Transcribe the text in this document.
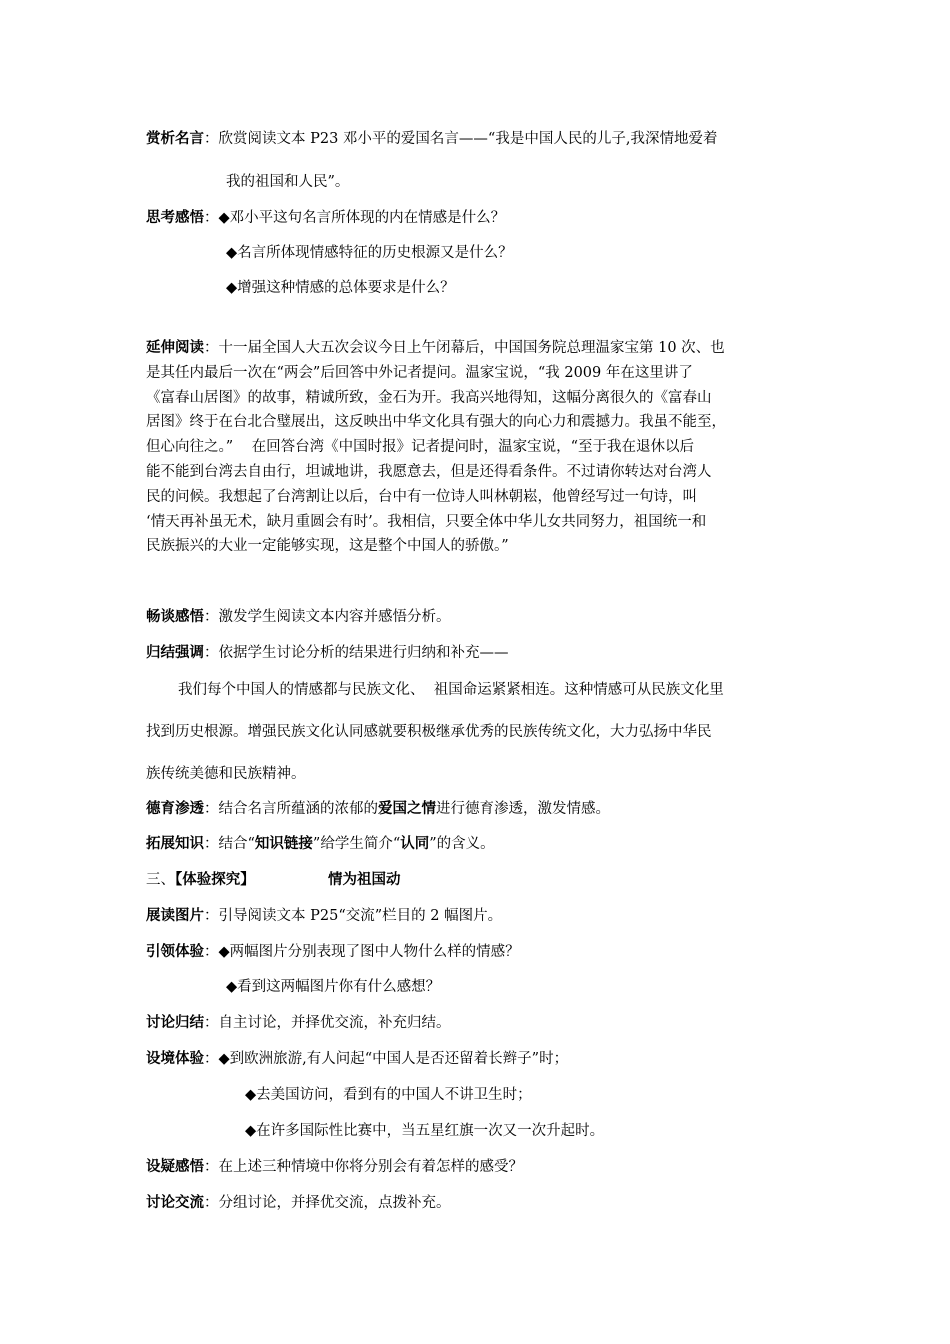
赏析名言：欣赏阅读文本 P23 邓小平的爱国名言——“我是中国人民的儿子,我深情地爱着
我的祖国和人民”。
思考感悟：◆邓小平这句名言所体现的内在情感是什么？
◆名言所体现情感特征的历史根源又是什么？
◆增强这种情感的总体要求是什么？
延伸阅读：十一届全国人大五次会议今日上午闭幕后，中国国务院总理温家宝第 10 次、也
是其任内最后一次在“两会”后回答中外记者提问。温家宝说，“我 2009 年在这里讲了
《富春山居图》的故事，精诚所致，金石为开。我高兴地得知，这幅分离很久的《富春山
居图》终于在台北合璧展出，这反映出中华文化具有强大的向心力和震撼力。我虽不能至，
但心向往之。”    在回答台湾《中国时报》记者提问时，温家宝说，“至于我在退休以后
能不能到台湾去自由行，坦诚地讲，我愿意去，但是还得看条件。不过请你转达对台湾人
民的问候。我想起了台湾割让以后，台中有一位诗人叫林朝崧，他曾经写过一句诗，叫
‘情天再补虽无术，缺月重圆会有时’。我相信，只要全体中华儿女共同努力，祖国统一和
民族振兴的大业一定能够实现，这是整个中国人的骄傲。”
畅谈感悟：激发学生阅读文本内容并感悟分析。
归结强调：依据学生讨论分析的结果进行归纳和补充——
我们每个中国人的情感都与民族文化、  祖国命运紧紧相连。这种情感可从民族文化里
找到历史根源。增强民族文化认同感就要积极继承优秀的民族传统文化，大力弘扬中华民
族传统美德和民族精神。
德育渗透：结合名言所蕴涵的浓郁的爱国之情进行德育渗透，激发情感。
拓展知识：结合“知识链接”给学生简介“认同”的含义。
三、【体验探究】	情为祖国动
展读图片：引导阅读文本 P25“交流”栏目的 2 幅图片。
引领体验：◆两幅图片分别表现了图中人物什么样的情感？
◆看到这两幅图片你有什么感想？
讨论归结：自主讨论，并择优交流，补充归结。
设境体验：◆到欧洲旅游,有人问起“中国人是否还留着长辫子”时；
◆去美国访问，看到有的中国人不讲卫生时；
◆在许多国际性比赛中，当五星红旗一次又一次升起时。
设疑感悟：在上述三种情境中你将分别会有着怎样的感受？
讨论交流：分组讨论，并择优交流，点拨补充。
